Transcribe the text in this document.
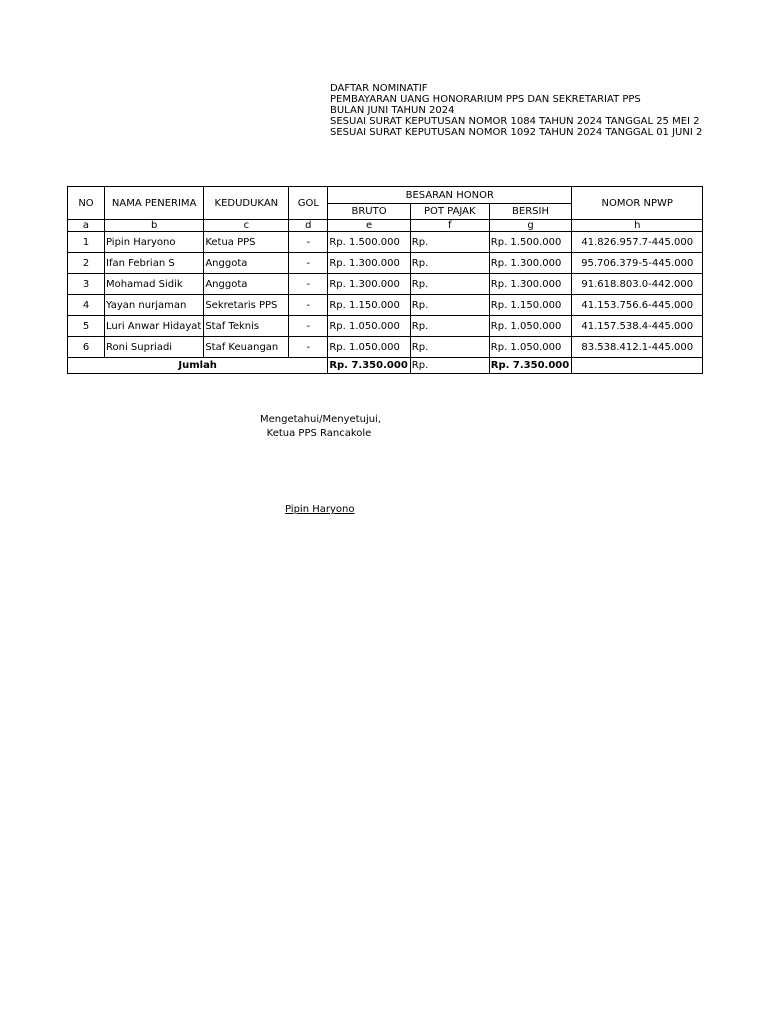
DAFTAR NOMINATIF
PEMBAYARAN UANG HONORARIUM PPS DAN SEKRETARIAT PPS
BULAN JUNI TAHUN 2024
SESUAI SURAT KEPUTUSAN NOMOR 1084 TAHUN 2024 TANGGAL 25 MEI 2
SESUAI SURAT KEPUTUSAN NOMOR 1092 TAHUN 2024 TANGGAL 01 JUNI 2
NO	NAMA PENERIMA	KEDUDUKAN	GOL	BESARAN HONOR			NOMOR NPWP
				BRUTO	POT PAJAK	BERSIH	
a	b	c	d	e	f	g	h
1	Pipin Haryono	Ketua PPS	-	Rp. 1.500.000	Rp.	Rp. 1.500.000	41.826.957.7-445.000
2	Ifan Febrian S	Anggota	-	Rp. 1.300.000	Rp.	Rp. 1.300.000	95.706.379-5-445.000
3	Mohamad Sidik	Anggota	-	Rp. 1.300.000	Rp.	Rp. 1.300.000	91.618.803.0-442.000
4	Yayan nurjaman	Sekretaris PPS	-	Rp. 1.150.000	Rp.	Rp. 1.150.000	41.153.756.6-445.000
5	Luri Anwar Hidayat	Staf Teknis	-	Rp. 1.050.000	Rp.	Rp. 1.050.000	41.157.538.4-445.000
6	Roni Supriadi	Staf Keuangan	-	Rp. 1.050.000	Rp.	Rp. 1.050.000	83.538.412.1-445.000
Jumlah				Rp. 7.350.000	Rp.	Rp. 7.350.000	
Mengetahui/Menyetujui,
Ketua PPS Rancakole
Pipin Haryono
